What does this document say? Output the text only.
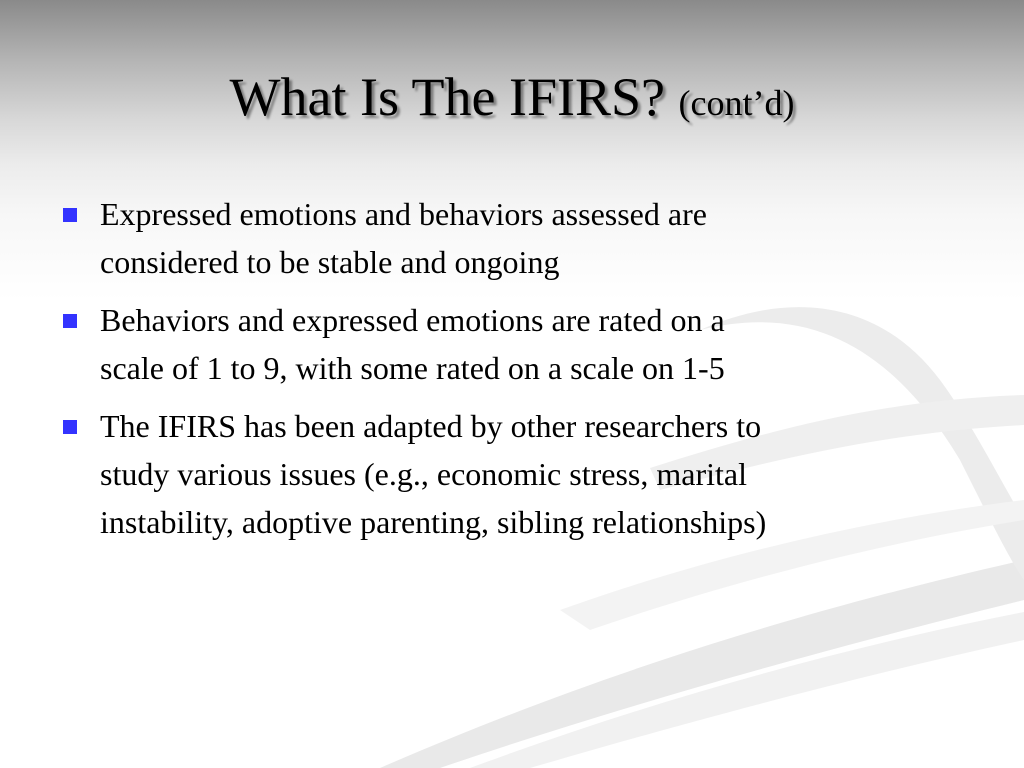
What Is The IFIRS? (cont’d)
Expressed emotions and behaviors assessed are
considered to be stable and ongoing
Behaviors and expressed emotions are rated on a
scale of 1 to 9, with some rated on a scale on 1-5
The IFIRS has been adapted by other researchers to
study various issues (e.g., economic stress, marital
instability, adoptive parenting, sibling relationships)
